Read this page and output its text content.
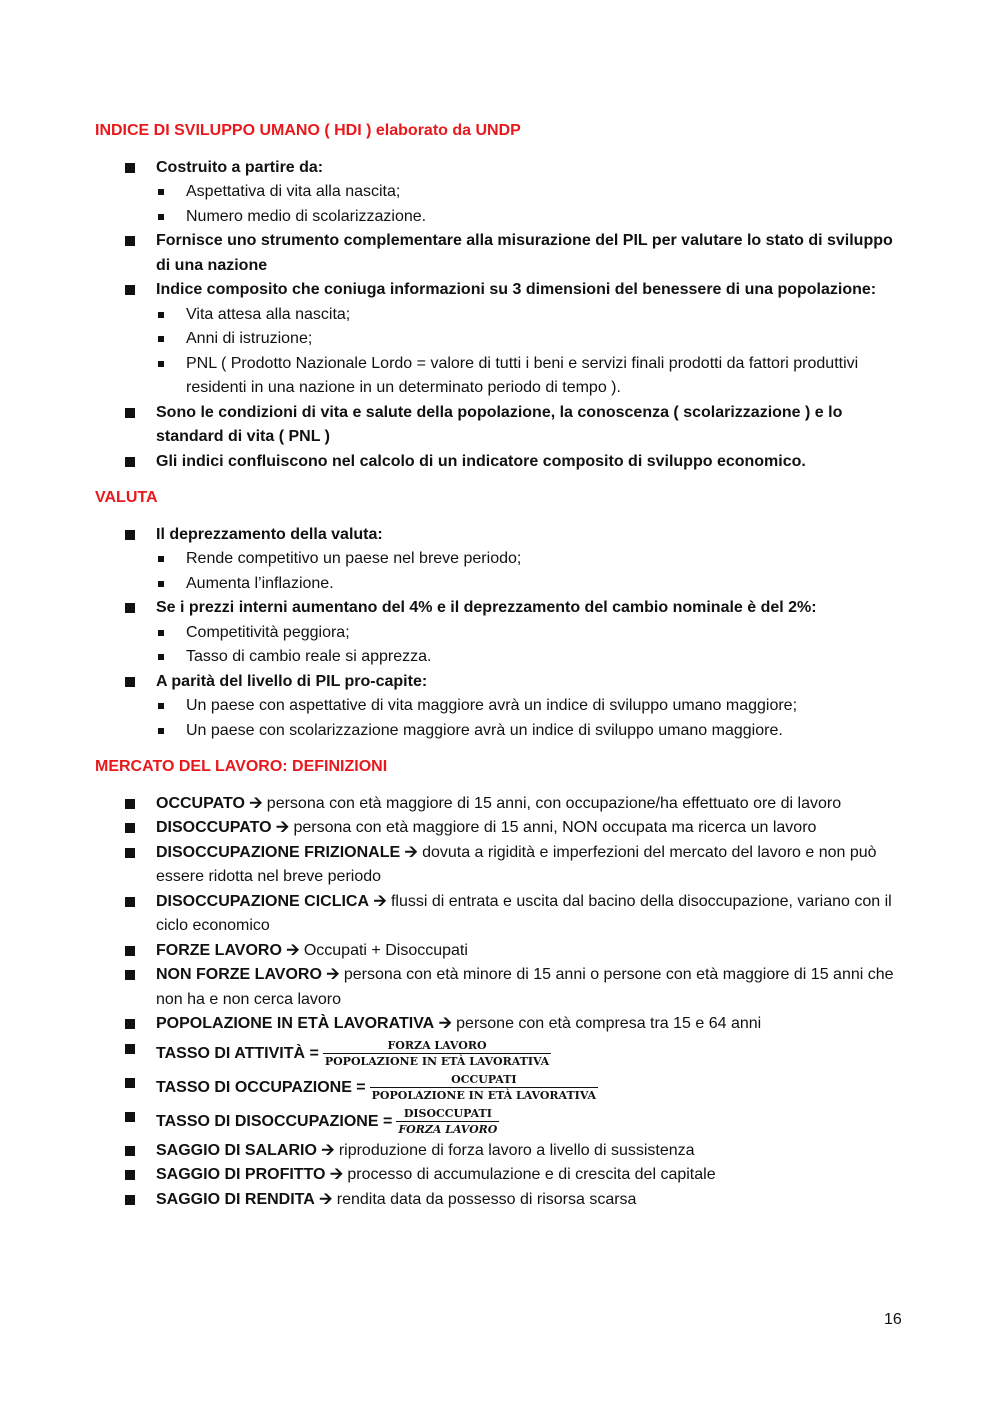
INDICE DI SVILUPPO UMANO ( HDI ) elaborato da UNDP
Costruito a partire da:
Aspettativa di vita alla nascita;
Numero medio di scolarizzazione.
Fornisce uno strumento complementare alla misurazione del PIL per valutare lo stato di sviluppo di una nazione
Indice composito che coniuga informazioni su 3 dimensioni del benessere di una popolazione:
Vita attesa alla nascita;
Anni di istruzione;
PNL ( Prodotto Nazionale Lordo = valore di tutti i beni e servizi finali prodotti da fattori produttivi residenti in una nazione in un determinato periodo di tempo ).
Sono le condizioni di vita e salute della popolazione, la conoscenza ( scolarizzazione ) e lo standard di vita ( PNL )
Gli indici confluiscono nel calcolo di un indicatore composito di sviluppo economico.
VALUTA
Il deprezzamento della valuta:
Rende competitivo un paese nel breve periodo;
Aumenta l’inflazione.
Se i prezzi interni aumentano del 4% e il deprezzamento del cambio nominale è del 2%:
Competitività peggiora;
Tasso di cambio reale si apprezza.
A parità del livello di PIL pro-capite:
Un paese con aspettative di vita maggiore avrà un indice di sviluppo umano maggiore;
Un paese con scolarizzazione maggiore avrà un indice di sviluppo umano maggiore.
MERCATO DEL LAVORO: DEFINIZIONI
OCCUPATO 🡪 persona con età maggiore di 15 anni, con occupazione/ha effettuato ore di lavoro
DISOCCUPATO 🡪 persona con età maggiore di 15 anni, NON occupata ma ricerca un lavoro
DISOCCUPAZIONE FRIZIONALE 🡪 dovuta a rigidità e imperfezioni del mercato del lavoro e non può essere ridotta nel breve periodo
DISOCCUPAZIONE CICLICA 🡪 flussi di entrata e uscita dal bacino della disoccupazione, variano con il ciclo economico
FORZE LAVORO 🡪 Occupati + Disoccupati
NON FORZE LAVORO 🡪 persona con età minore di 15 anni o persone con età maggiore di 15 anni che non ha e non cerca lavoro
POPOLAZIONE IN ETÀ LAVORATIVA 🡪 persone con età compresa tra 15 e 64 anni
TASSO DI ATTIVITÀ = $\frac{\text{FORZA LAVORO}}{\text{POPOLAZIONE IN ETÀ LAVORATIVA}}$
TASSO DI OCCUPAZIONE = $\frac{\text{OCCUPATI}}{\text{POPOLAZIONE IN ETÀ LAVORATIVA}}$
TASSO DI DISOCCUPAZIONE = $\frac{\text{DISOCCUPATI}}{\text{FORZA LAVORO}}$
SAGGIO DI SALARIO 🡪 riproduzione di forza lavoro a livello di sussistenza
SAGGIO DI PROFITTO 🡪 processo di accumulazione e di crescita del capitale
SAGGIO DI RENDITA 🡪 rendita data da possesso di risorsa scarsa
16
